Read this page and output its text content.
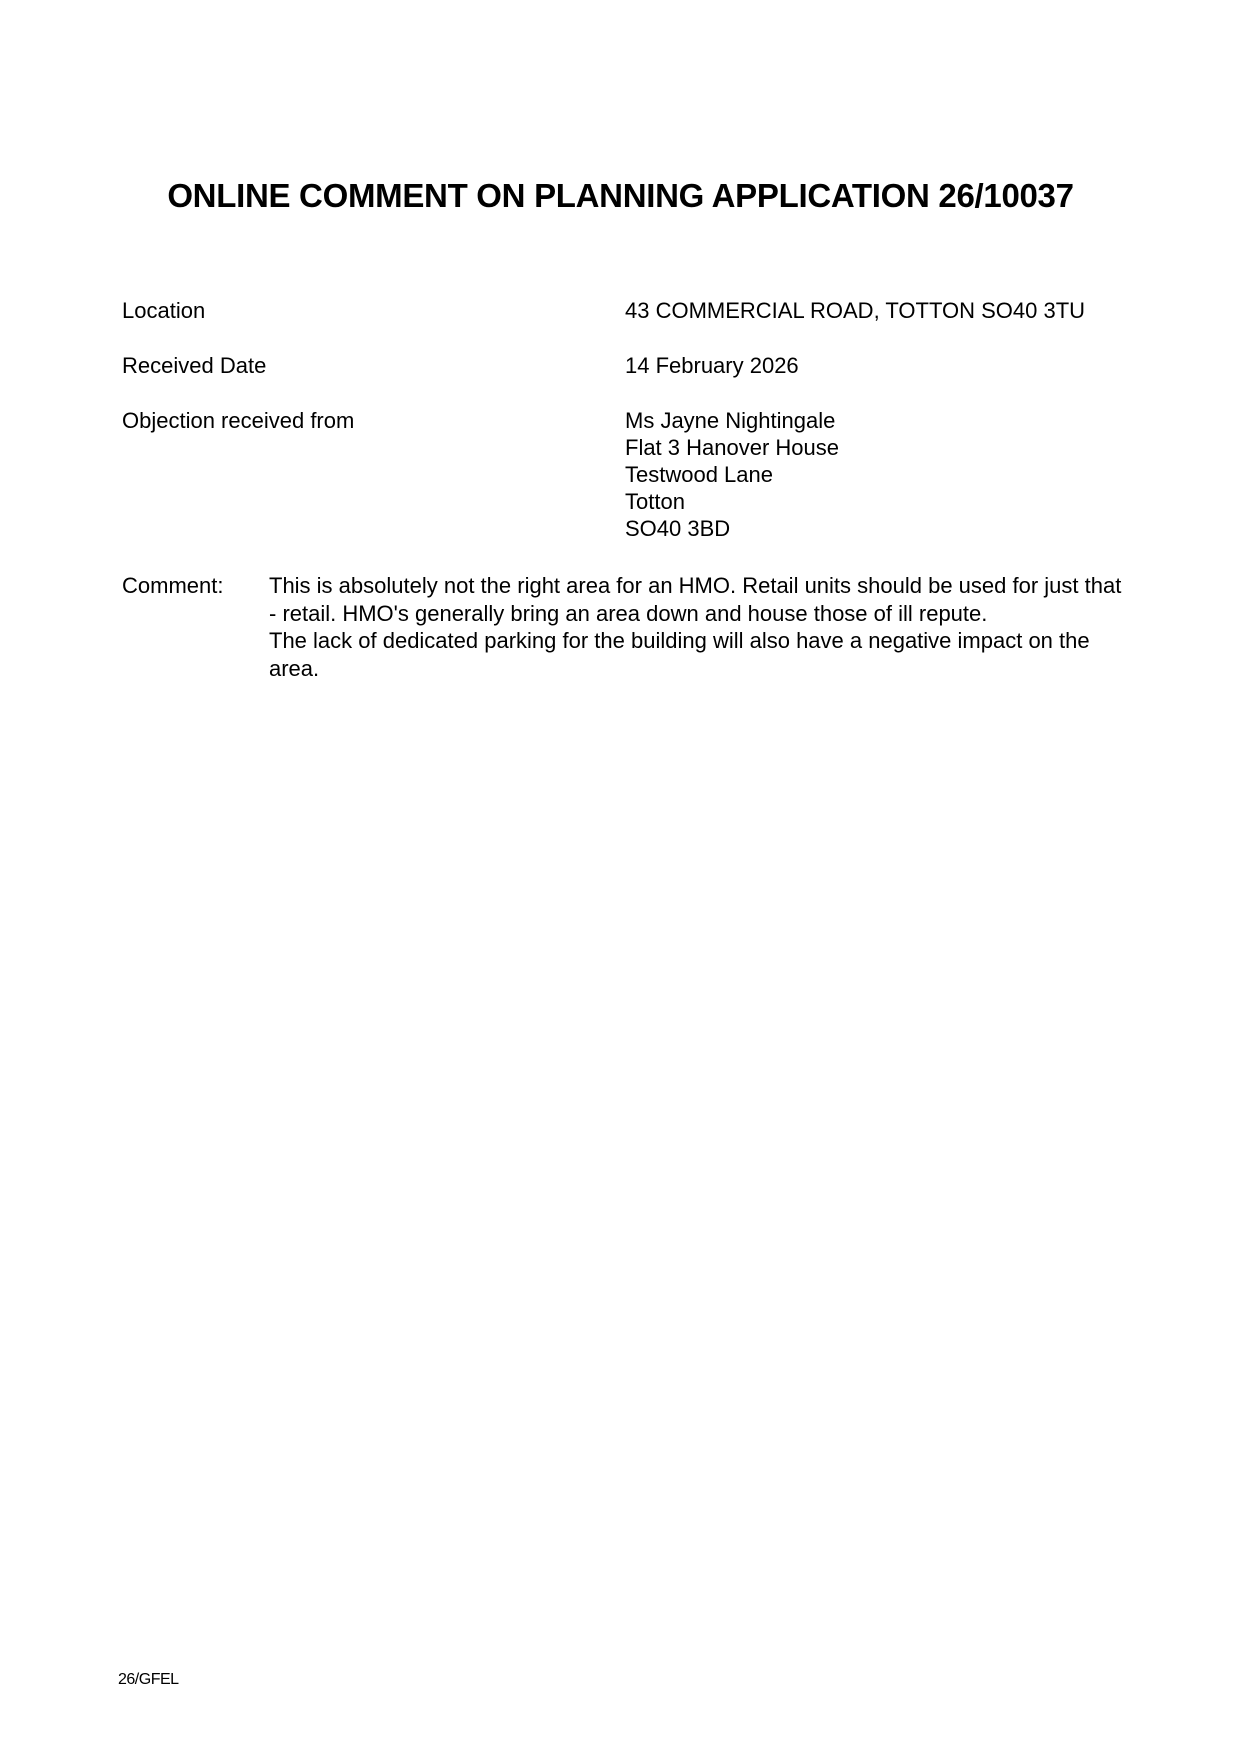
ONLINE COMMENT ON PLANNING APPLICATION 26/10037
Location	43 COMMERCIAL ROAD, TOTTON SO40 3TU
Received Date	14 February 2026
Objection received from	Ms Jayne Nightingale
Flat 3 Hanover House
Testwood Lane
Totton
SO40 3BD
Comment: This is absolutely not the right area for an HMO. Retail units should be used for just that - retail. HMO's generally bring an area down and house those of ill repute.

The lack of dedicated parking for the building will also have a negative impact on the area.

26/GFEL
